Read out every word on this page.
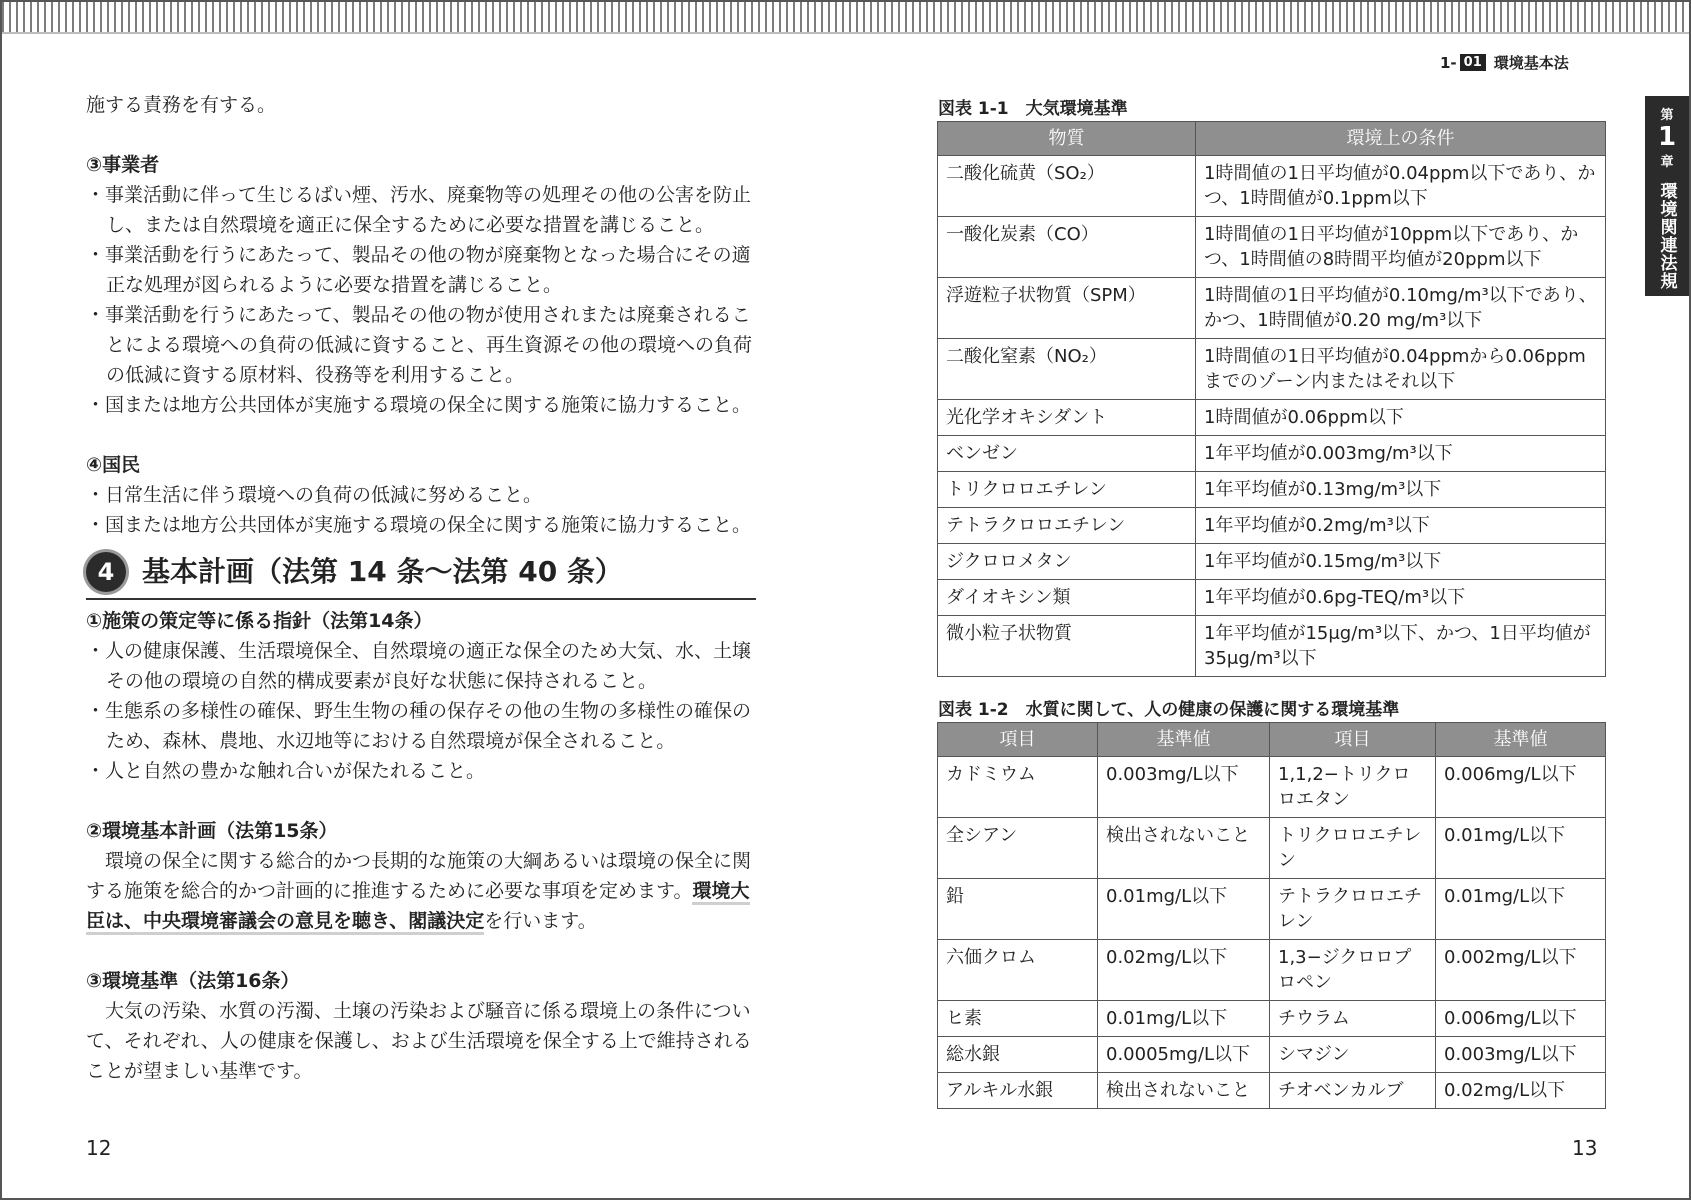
施する責務を有する。
③事業者
・事業活動に伴って生じるばい煙、汚水、廃棄物等の処理その他の公害を防止し、または自然環境を適正に保全するために必要な措置を講じること。
・事業活動を行うにあたって、製品その他の物が廃棄物となった場合にその適正な処理が図られるように必要な措置を講じること。
・事業活動を行うにあたって、製品その他の物が使用されまたは廃棄されることによる環境への負荷の低減に資すること、再生資源その他の環境への負荷の低減に資する原材料、役務等を利用すること。
・国または地方公共団体が実施する環境の保全に関する施策に協力すること。
④国民
・日常生活に伴う環境への負荷の低減に努めること。
・国または地方公共団体が実施する環境の保全に関する施策に協力すること。
4 基本計画（法第 14 条〜法第 40 条）
①施策の策定等に係る指針（法第14条）
・人の健康保護、生活環境保全、自然環境の適正な保全のため大気、水、土壌その他の環境の自然的構成要素が良好な状態に保持されること。
・生態系の多様性の確保、野生生物の種の保存その他の生物の多様性の確保のため、森林、農地、水辺地等における自然環境が保全されること。
・人と自然の豊かな触れ合いが保たれること。
②環境基本計画（法第15条）
環境の保全に関する総合的かつ長期的な施策の大綱あるいは環境の保全に関する施策を総合的かつ計画的に推進するために必要な事項を定めます。環境大臣は、中央環境審議会の意見を聴き、閣議決定を行います。
③環境基準（法第16条）
大気の汚染、水質の汚濁、土壌の汚染および騒音に係る環境上の条件について、それぞれ、人の健康を保護し、および生活環境を保全する上で維持されることが望ましい基準です。
12	13
1- 01 環境基本法
第
1
章
環境関連法規
図表 1-1　大気環境基準
物質	環境上の条件
二酸化硫黄（SO₂）	1時間値の1日平均値が0.04ppm以下であり、かつ、1時間値が0.1ppm以下
一酸化炭素（CO）	1時間値の1日平均値が10ppm以下であり、かつ、1時間値の8時間平均値が20ppm以下
浮遊粒子状物質（SPM）	1時間値の1日平均値が0.10mg/m³以下であり、かつ、1時間値が0.20 mg/m³以下
二酸化窒素（NO₂）	1時間値の1日平均値が0.04ppmから0.06ppmまでのゾーン内またはそれ以下
光化学オキシダント	1時間値が0.06ppm以下
ベンゼン	1年平均値が0.003mg/m³以下
トリクロロエチレン	1年平均値が0.13mg/m³以下
テトラクロロエチレン	1年平均値が0.2mg/m³以下
ジクロロメタン	1年平均値が0.15mg/m³以下
ダイオキシン類	1年平均値が0.6pg-TEQ/m³以下
微小粒子状物質	1年平均値が15μg/m³以下、かつ、1日平均値が35μg/m³以下
図表 1-2　水質に関して、人の健康の保護に関する環境基準
項目	基準値	項目	基準値
カドミウム	0.003mg/L以下	1,1,2−トリクロロエタン	0.006mg/L以下
全シアン	検出されないこと	トリクロロエチレン	0.01mg/L以下
鉛	0.01mg/L以下	テトラクロロエチレン	0.01mg/L以下
六価クロム	0.02mg/L以下	1,3−ジクロロプロペン	0.002mg/L以下
ヒ素	0.01mg/L以下	チウラム	0.006mg/L以下
総水銀	0.0005mg/L以下	シマジン	0.003mg/L以下
アルキル水銀	検出されないこと	チオベンカルブ	0.02mg/L以下
